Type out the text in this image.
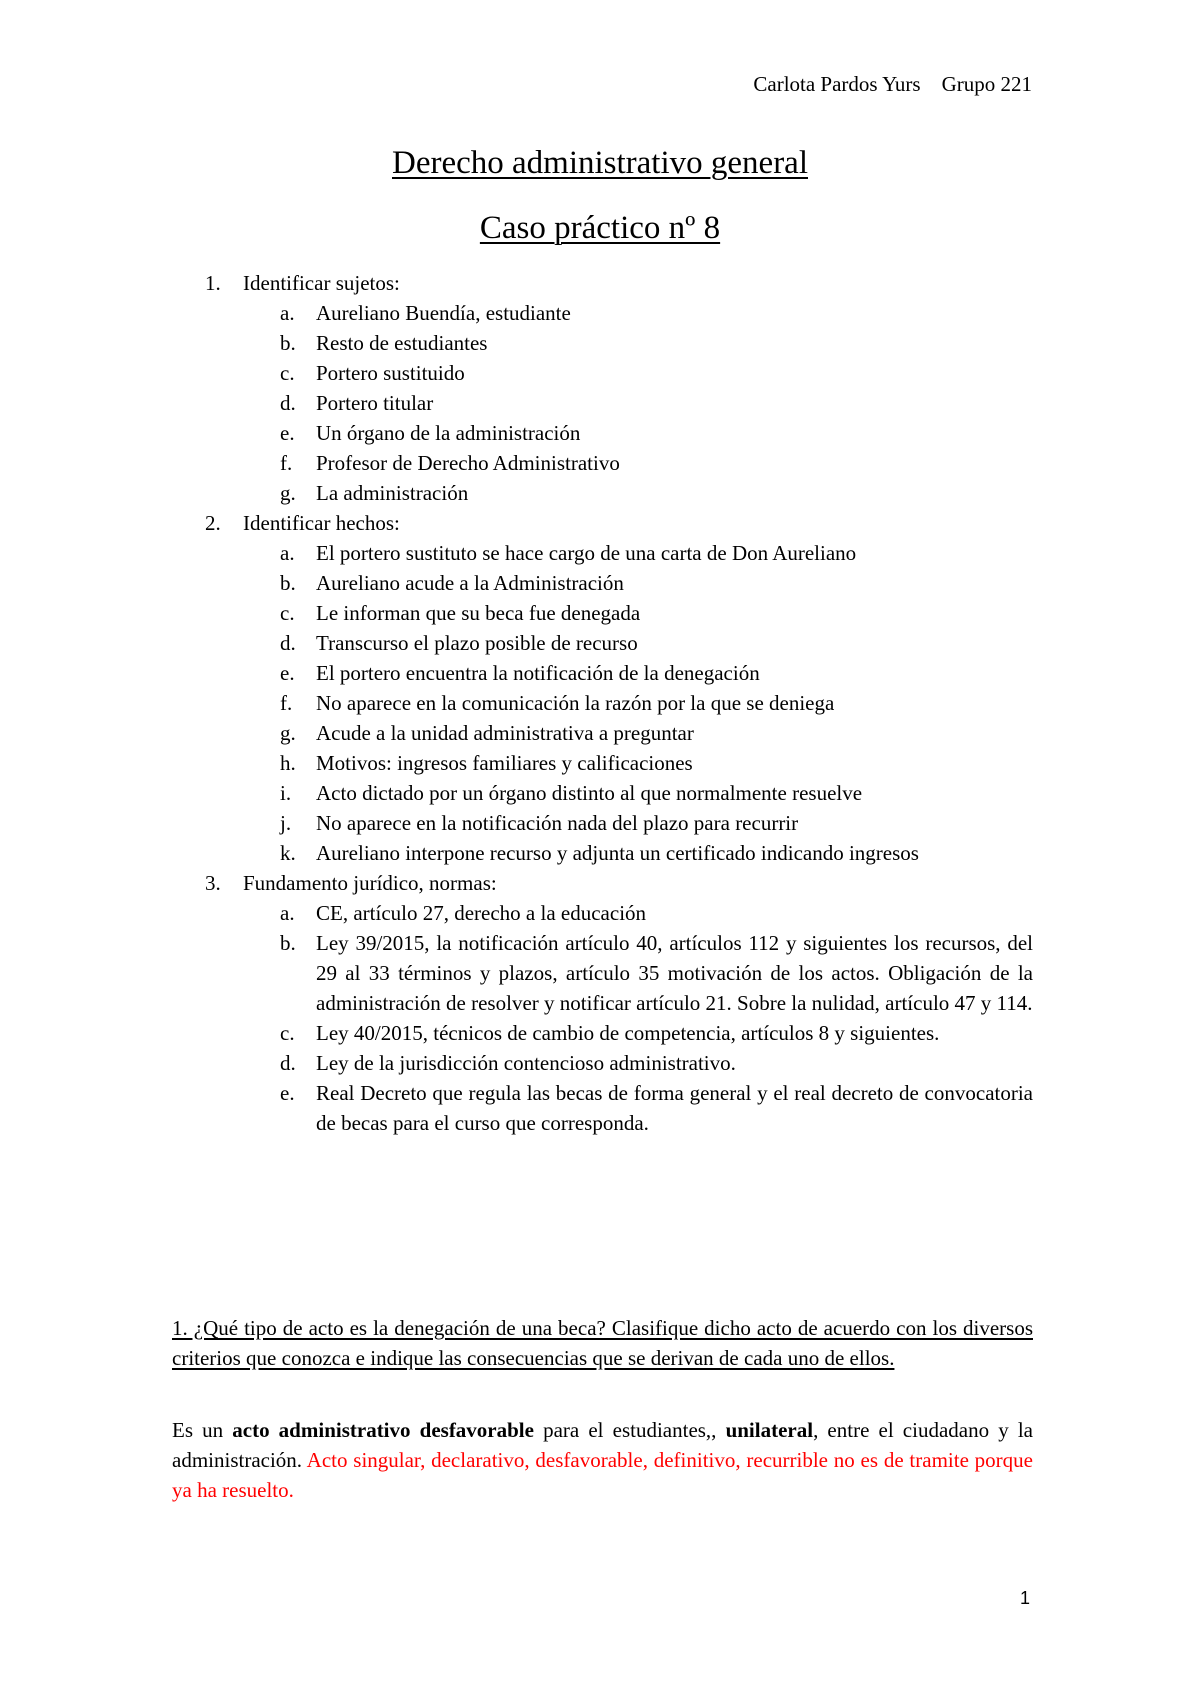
Carlota Pardos Yurs Grupo 221
Derecho administrativo general
Caso práctico nº 8
1. Identificar sujetos:
a. Aureliano Buendía, estudiante
b. Resto de estudiantes
c. Portero sustituido
d. Portero titular
e. Un órgano de la administración
f. Profesor de Derecho Administrativo
g. La administración
2. Identificar hechos:
a. El portero sustituto se hace cargo de una carta de Don Aureliano
b. Aureliano acude a la Administración
c. Le informan que su beca fue denegada
d. Transcurso el plazo posible de recurso
e. El portero encuentra la notificación de la denegación
f. No aparece en la comunicación la razón por la que se deniega
g. Acude a la unidad administrativa a preguntar
h. Motivos: ingresos familiares y calificaciones
i. Acto dictado por un órgano distinto al que normalmente resuelve
j. No aparece en la notificación nada del plazo para recurrir
k. Aureliano interpone recurso y adjunta un certificado indicando ingresos
3. Fundamento jurídico, normas:
a. CE, artículo 27, derecho a la educación
b. Ley 39/2015, la notificación artículo 40, artículos 112 y siguientes los recursos, del 29 al 33 términos y plazos, artículo 35 motivación de los actos. Obligación de la administración de resolver y notificar artículo 21. Sobre la nulidad, artículo 47 y 114.
c. Ley 40/2015, técnicos de cambio de competencia, artículos 8 y siguientes.
d. Ley de la jurisdicción contencioso administrativo.
e. Real Decreto que regula las becas de forma general y el real decreto de convocatoria de becas para el curso que corresponda.
1. ¿Qué tipo de acto es la denegación de una beca? Clasifique dicho acto de acuerdo con los diversos criterios que conozca e indique las consecuencias que se derivan de cada uno de ellos.
Es un acto administrativo desfavorable para el estudiantes,, unilateral, entre el ciudadano y la administración. Acto singular, declarativo, desfavorable, definitivo, recurrible no es de tramite porque ya ha resuelto.
1
